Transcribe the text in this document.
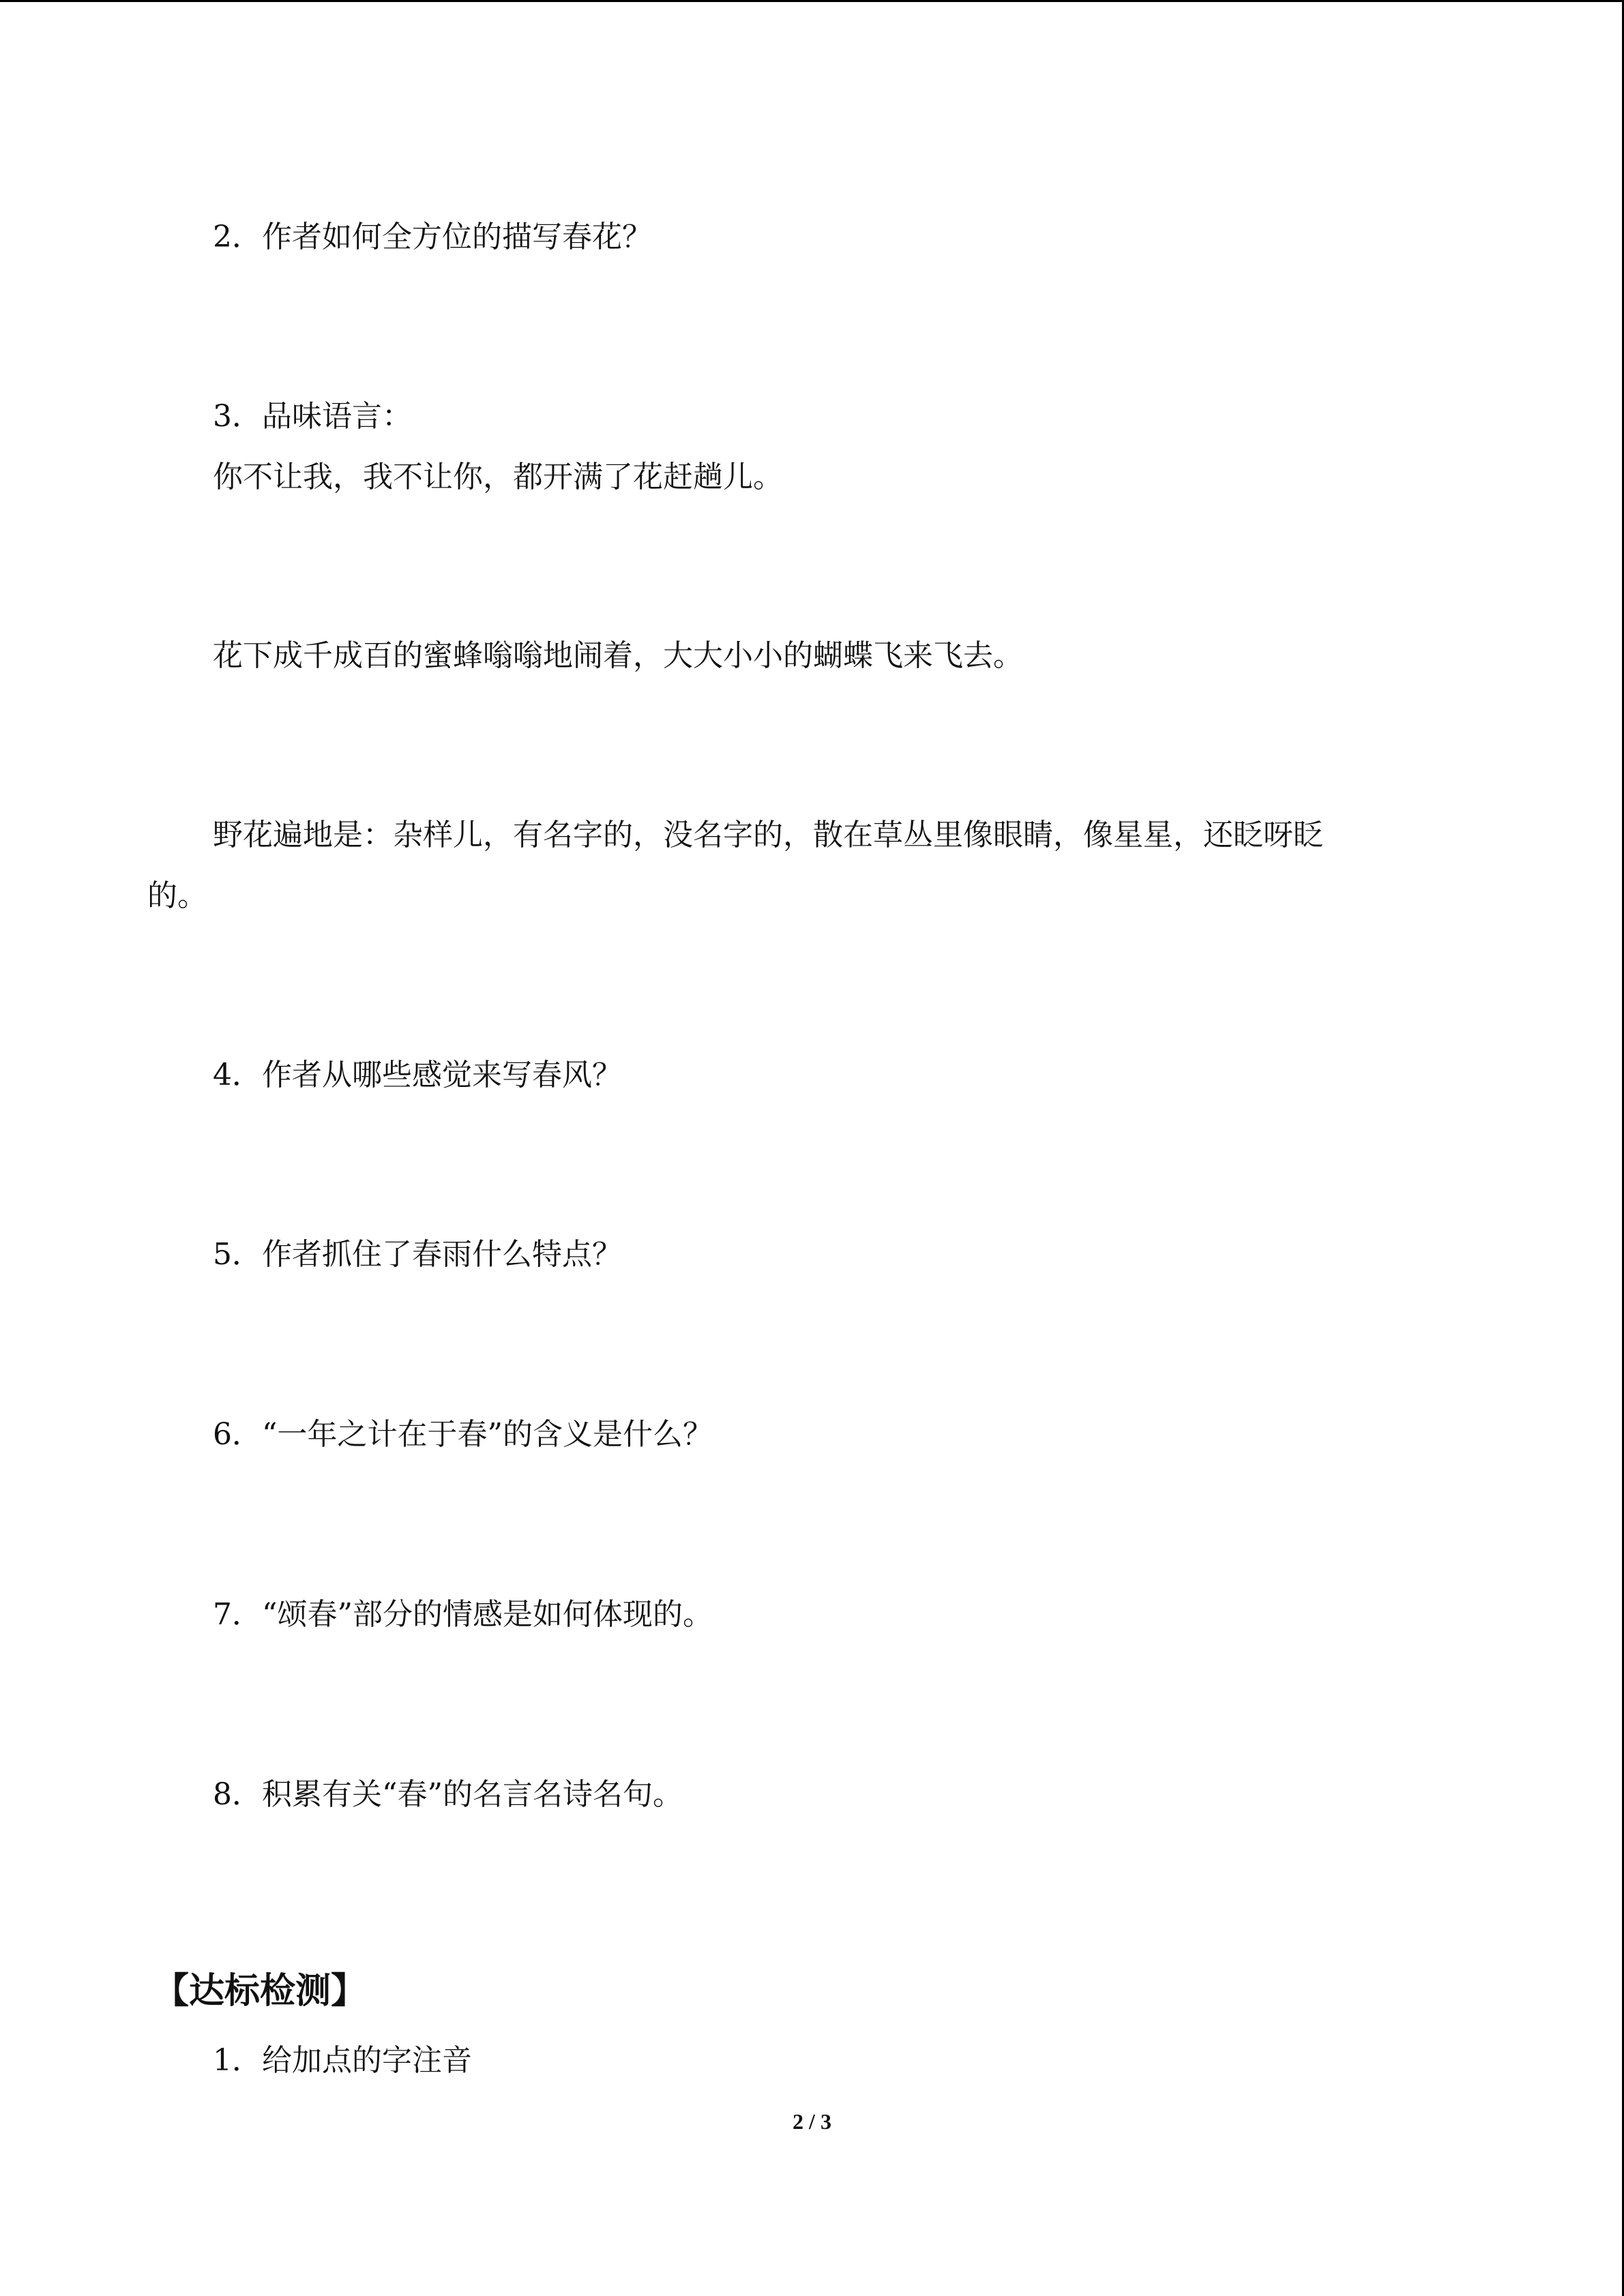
2．作者如何全方位的描写春花？
3．品味语言：
你不让我，我不让你，都开满了花赶趟儿。
花下成千成百的蜜蜂嗡嗡地闹着，大大小小的蝴蝶飞来飞去。
野花遍地是：杂样儿，有名字的，没名字的，散在草丛里像眼睛，像星星，还眨呀眨
的。
4．作者从哪些感觉来写春风？
5．作者抓住了春雨什么特点？
6．“一年之计在于春”的含义是什么？
7．“颂春”部分的情感是如何体现的。
8．积累有关“春”的名言名诗名句。
【达标检测】
1．给加点的字注音
2 / 3
